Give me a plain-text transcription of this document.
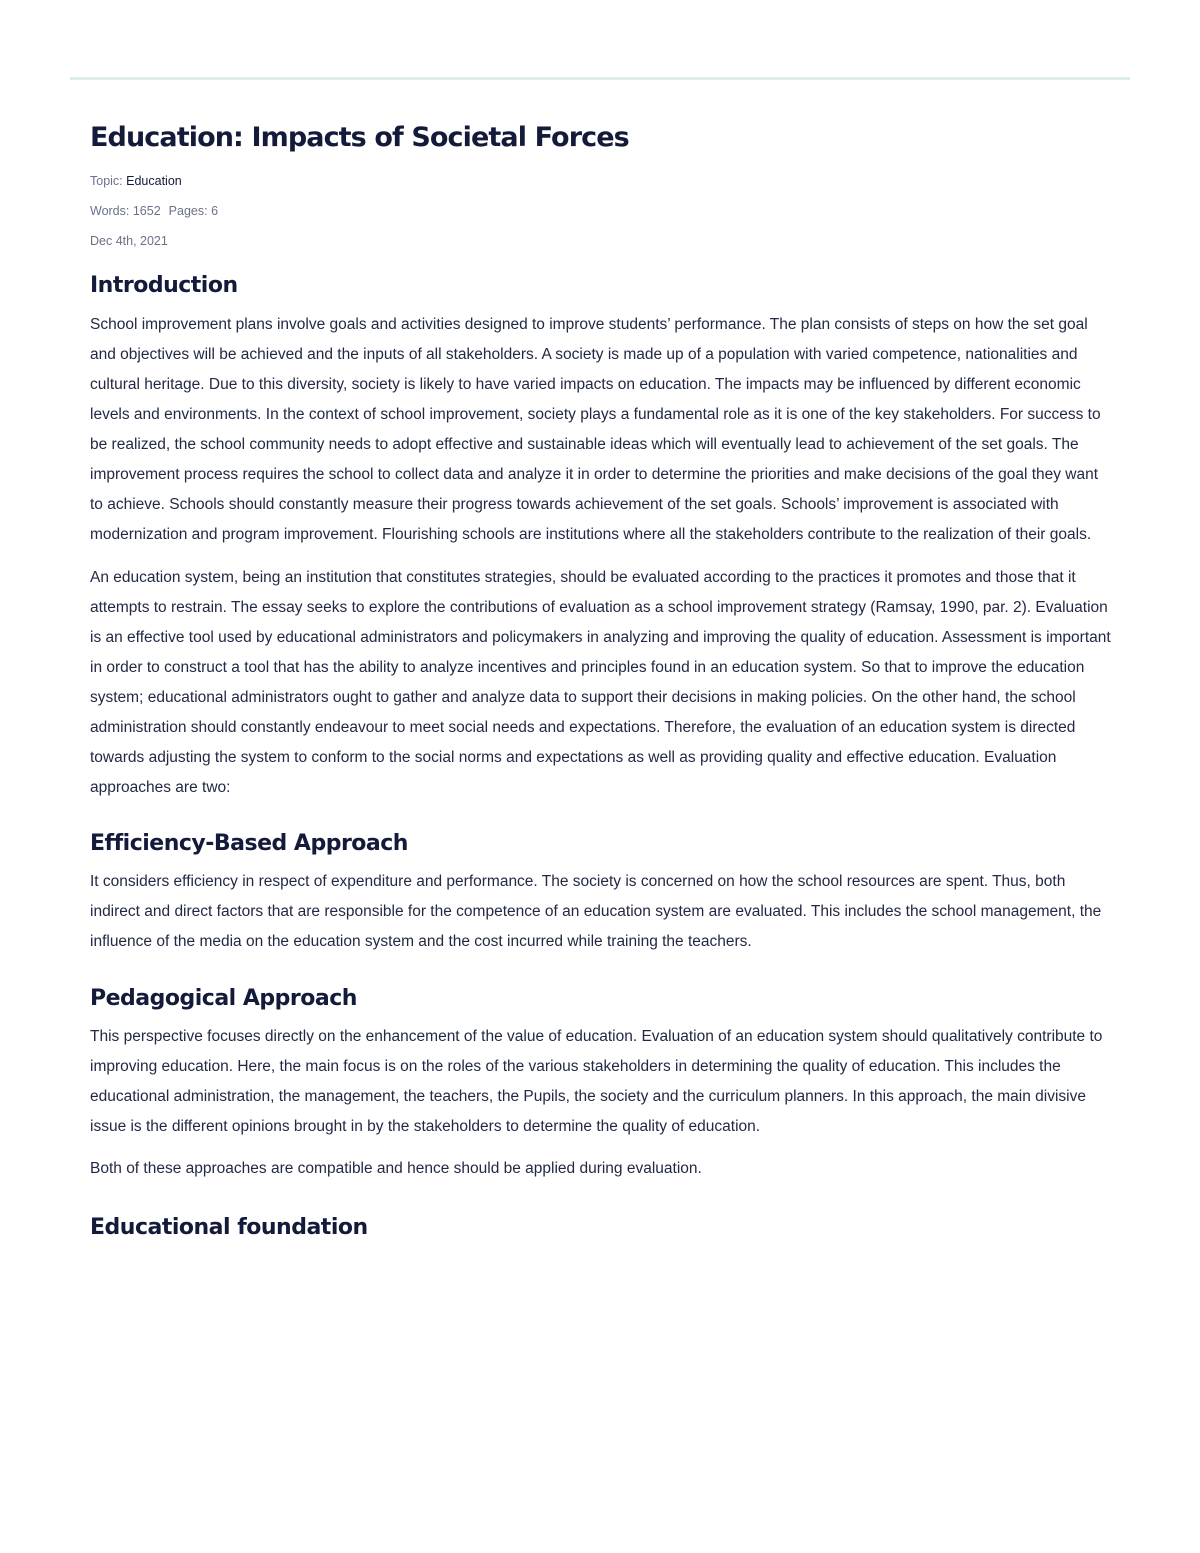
Education: Impacts of Societal Forces
Topic: Education
Words: 1652 Pages: 6
Dec 4th, 2021
Introduction

School improvement plans involve goals and activities designed to improve students’ performance. The plan consists of steps on how the set goal and objectives will be achieved and the inputs of all stakeholders. A society is made up of a population with varied competence, nationalities and cultural heritage. Due to this diversity, society is likely to have varied impacts on education. The impacts may be influenced by different economic levels and environments. In the context of school improvement, society plays a fundamental role as it is one of the key stakeholders. For success to be realized, the school community needs to adopt effective and sustainable ideas which will eventually lead to achievement of the set goals. The improvement process requires the school to collect data and analyze it in order to determine the priorities and make decisions of the goal they want to achieve. Schools should constantly measure their progress towards achievement of the set goals. Schools’ improvement is associated with modernization and program improvement. Flourishing schools are institutions where all the stakeholders contribute to the realization of their goals.

An education system, being an institution that constitutes strategies, should be evaluated according to the practices it promotes and those that it attempts to restrain. The essay seeks to explore the contributions of evaluation as a school improvement strategy (Ramsay, 1990, par. 2). Evaluation is an effective tool used by educational administrators and policymakers in analyzing and improving the quality of education. Assessment is important in order to construct a tool that has the ability to analyze incentives and principles found in an education system. So that to improve the education system; educational administrators ought to gather and analyze data to support their decisions in making policies. On the other hand, the school administration should constantly endeavour to meet social needs and expectations. Therefore, the evaluation of an education system is directed towards adjusting the system to conform to the social norms and expectations as well as providing quality and effective education. Evaluation approaches are two:

Efficiency-Based Approach

It considers efficiency in respect of expenditure and performance. The society is concerned on how the school resources are spent. Thus, both indirect and direct factors that are responsible for the competence of an education system are evaluated. This includes the school management, the influence of the media on the education system and the cost incurred while training the teachers.

Pedagogical Approach

This perspective focuses directly on the enhancement of the value of education. Evaluation of an education system should qualitatively contribute to improving education. Here, the main focus is on the roles of the various stakeholders in determining the quality of education. This includes the educational administration, the management, the teachers, the Pupils, the society and the curriculum planners. In this approach, the main divisive issue is the different opinions brought in by the stakeholders to determine the quality of education.

Both of these approaches are compatible and hence should be applied during evaluation.

Educational foundation
